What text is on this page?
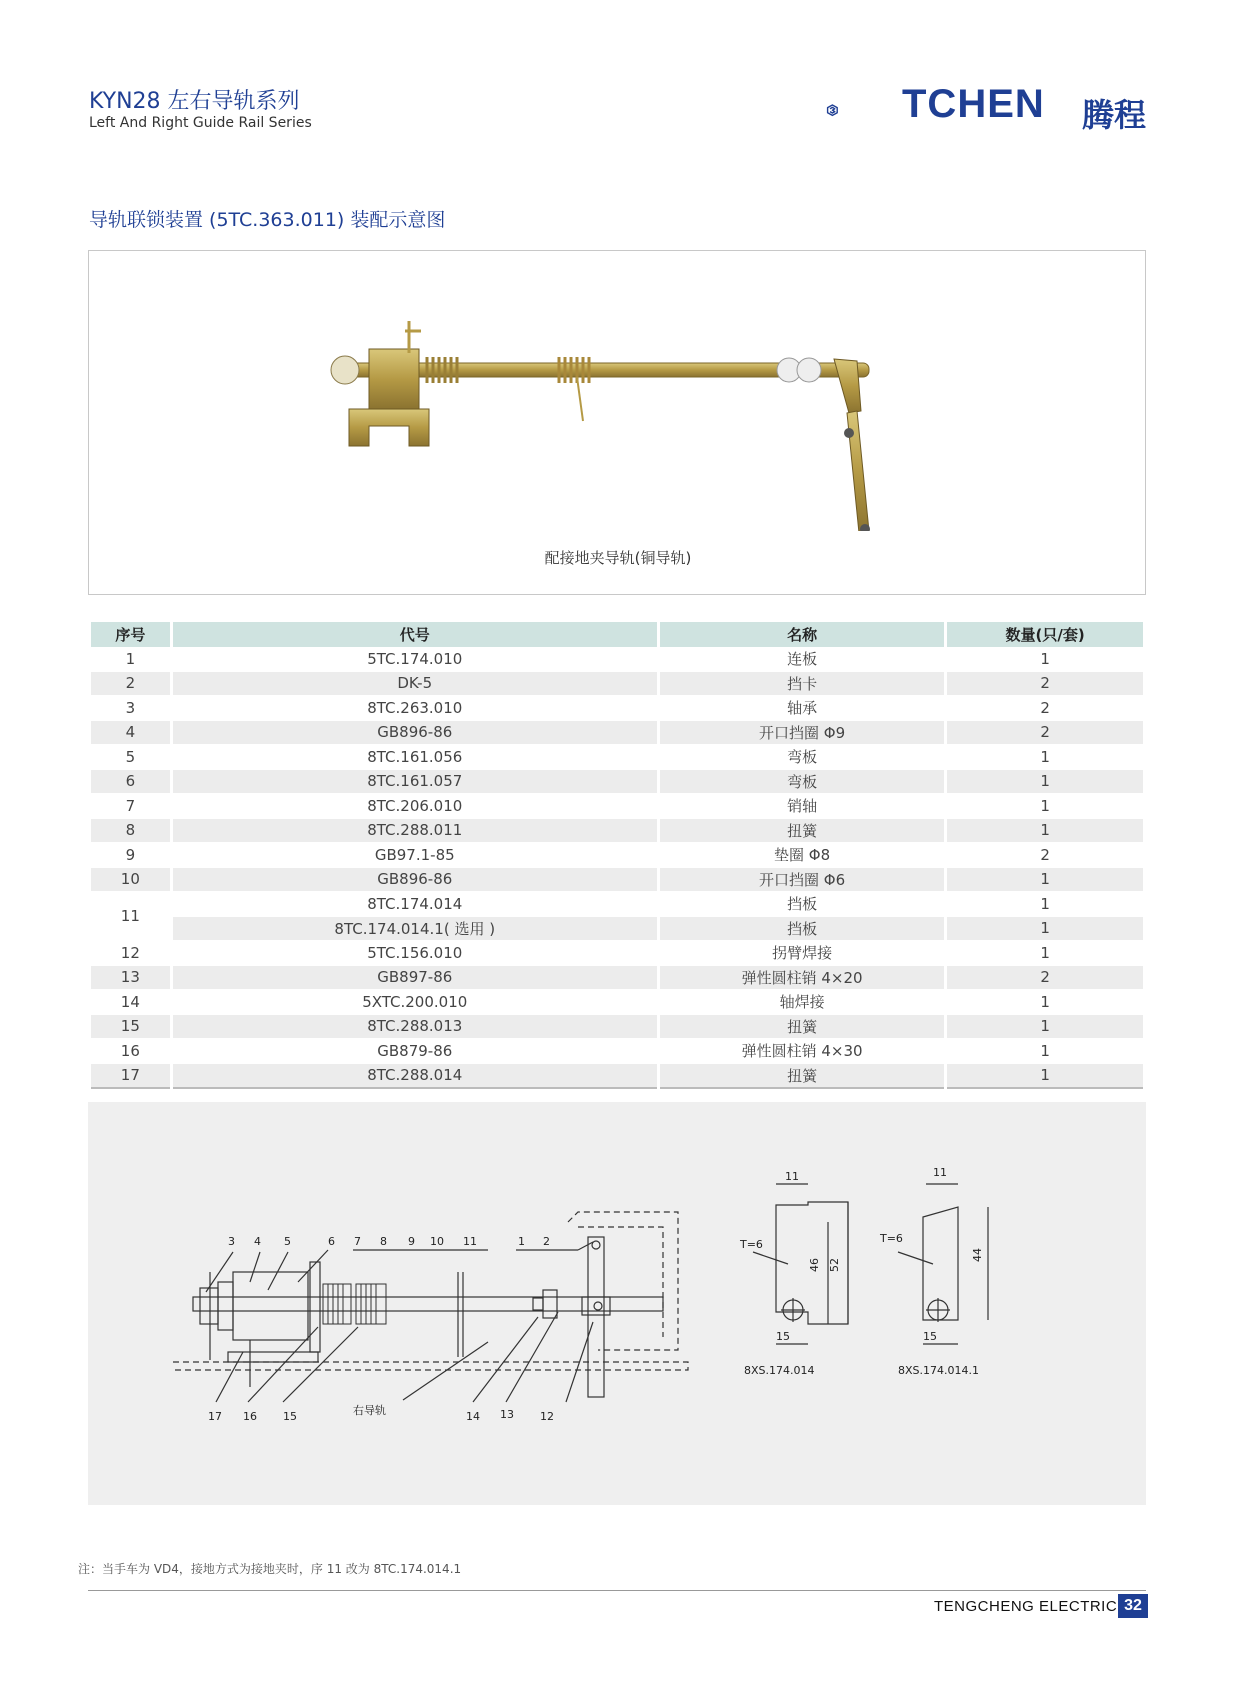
KYN28 左右导轨系列
Left And Right Guide Rail Series	TCHEN 腾程
导轨联锁装置 (5TC.363.011) 装配示意图
配接地夹导轨(铜导轨)
序号	代号	名称	数量(只/套)
1	5TC.174.010	连板	1
2	DK-5	挡卡	2
3	8TC.263.010	轴承	2
4	GB896-86	开口挡圈 Φ9	2
5	8TC.161.056	弯板	1
6	8TC.161.057	弯板	1
7	8TC.206.010	销轴	1
8	8TC.288.011	扭簧	1
9	GB97.1-85	垫圈 Φ8	2
10	GB896-86	开口挡圈 Φ6	1
11	8TC.174.014	挡板	1
	8TC.174.014.1( 选用 )	挡板	1
12	5TC.156.010	拐臂焊接	1
13	GB897-86	弹性圆柱销 4×20	2
14	5XTC.200.010	轴焊接	1
15	8TC.288.013	扭簧	1
16	GB879-86	弹性圆柱销 4×30	1
17	8TC.288.014	扭簧	1
3 4 5	6 7 8 9 10 11	1 2
17 16 15	右导轨	14 13 12
11
T=6
46 52
15
8XS.174.014
11
T=6
44
15
8XS.174.014.1
注：当手车为 VD4，接地方式为接地夹时，序 11 改为 8TC.174.014.1
TENGCHENG ELECTRIC 32
